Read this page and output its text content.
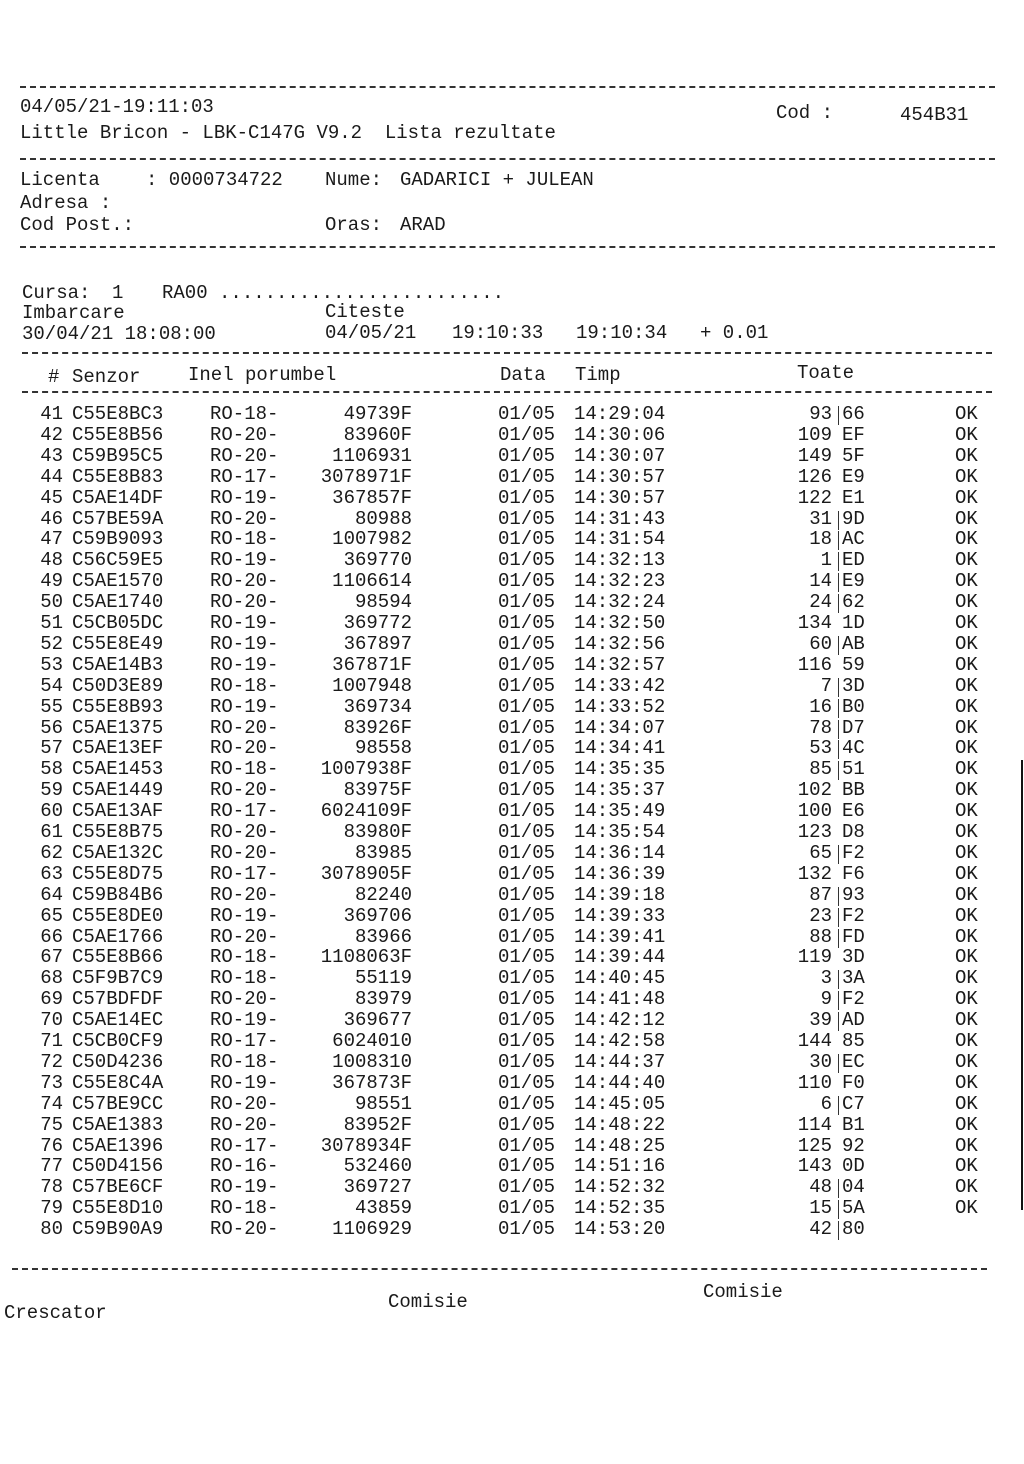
04/05/21-19:11:03
Little Bricon - LBK-C147G V9.2  Lista rezultate
Cod :	454B31
Licenta : 0000734722 Nume: GADARICI + JULEAN
Adresa :
Cod Post.:	Oras: ARAD
Cursa: 1 RA00 .........................
Imbarcare
30/04/21 18:08:00
Citeste
04/05/21 19:10:33 19:10:34 + 0.01
# Senzor	Inel porumbel	Data Timp	Toate
41 C55E8BC3 RO-18-	49739F	01/05 14:29:04	93 66	OK
42 C55E8B56 RO-20-	83960F	01/05 14:30:06	109 EF	OK
43 C59B95C5 RO-20-	1106931	01/05 14:30:07	149 5F	OK
44 C55E8B83 RO-17-	3078971F	01/05 14:30:57	126 E9	OK
45 C5AE14DF RO-19-	367857F	01/05 14:30:57	122 E1	OK
46 C57BE59A RO-20-	80988	01/05 14:31:43	31 9D	OK
47 C59B9093 RO-18-	1007982	01/05 14:31:54	18 AC	OK
48 C56C59E5 RO-19-	369770	01/05 14:32:13	1 ED	OK
49 C5AE1570 RO-20-	1106614	01/05 14:32:23	14 E9	OK
50 C5AE1740 RO-20-	98594	01/05 14:32:24	24 62	OK
51 C5CB05DC RO-19-	369772	01/05 14:32:50	134 1D	OK
52 C55E8E49 RO-19-	367897	01/05 14:32:56	60 AB	OK
53 C5AE14B3 RO-19-	367871F	01/05 14:32:57	116 59	OK
54 C50D3E89 RO-18-	1007948	01/05 14:33:42	7 3D	OK
55 C55E8B93 RO-19-	369734	01/05 14:33:52	16 B0	OK
56 C5AE1375 RO-20-	83926F	01/05 14:34:07	78 D7	OK
57 C5AE13EF RO-20-	98558	01/05 14:34:41	53 4C	OK
58 C5AE1453 RO-18-	1007938F	01/05 14:35:35	85 51	OK
59 C5AE1449 RO-20-	83975F	01/05 14:35:37	102 BB	OK
60 C5AE13AF RO-17-	6024109F	01/05 14:35:49	100 E6	OK
61 C55E8B75 RO-20-	83980F	01/05 14:35:54	123 D8	OK
62 C5AE132C RO-20-	83985	01/05 14:36:14	65 F2	OK
63 C55E8D75 RO-17-	3078905F	01/05 14:36:39	132 F6	OK
64 C59B84B6 RO-20-	82240	01/05 14:39:18	87 93	OK
65 C55E8DE0 RO-19-	369706	01/05 14:39:33	23 F2	OK
66 C5AE1766 RO-20-	83966	01/05 14:39:41	88 FD	OK
67 C55E8B66 RO-18-	1108063F	01/05 14:39:44	119 3D	OK
68 C5F9B7C9 RO-18-	55119	01/05 14:40:45	3 3A	OK
69 C57BDFDF RO-20-	83979	01/05 14:41:48	9 F2	OK
70 C5AE14EC RO-19-	369677	01/05 14:42:12	39 AD	OK
71 C5CB0CF9 RO-17-	6024010	01/05 14:42:58	144 85	OK
72 C50D4236 RO-18-	1008310	01/05 14:44:37	30 EC	OK
73 C55E8C4A RO-19-	367873F	01/05 14:44:40	110 F0	OK
74 C57BE9CC RO-20-	98551	01/05 14:45:05	6 C7	OK
75 C5AE1383 RO-20-	83952F	01/05 14:48:22	114 B1	OK
76 C5AE1396 RO-17-	3078934F	01/05 14:48:25	125 92	OK
77 C50D4156 RO-16-	532460	01/05 14:51:16	143 0D	OK
78 C57BE6CF RO-19-	369727	01/05 14:52:32	48 04	OK
79 C55E8D10 RO-18-	43859	01/05 14:52:35	15 5A	OK
80 C59B90A9 RO-20-	1106929	01/05 14:53:20	42 80
Crescator	Comisie	Comisie
